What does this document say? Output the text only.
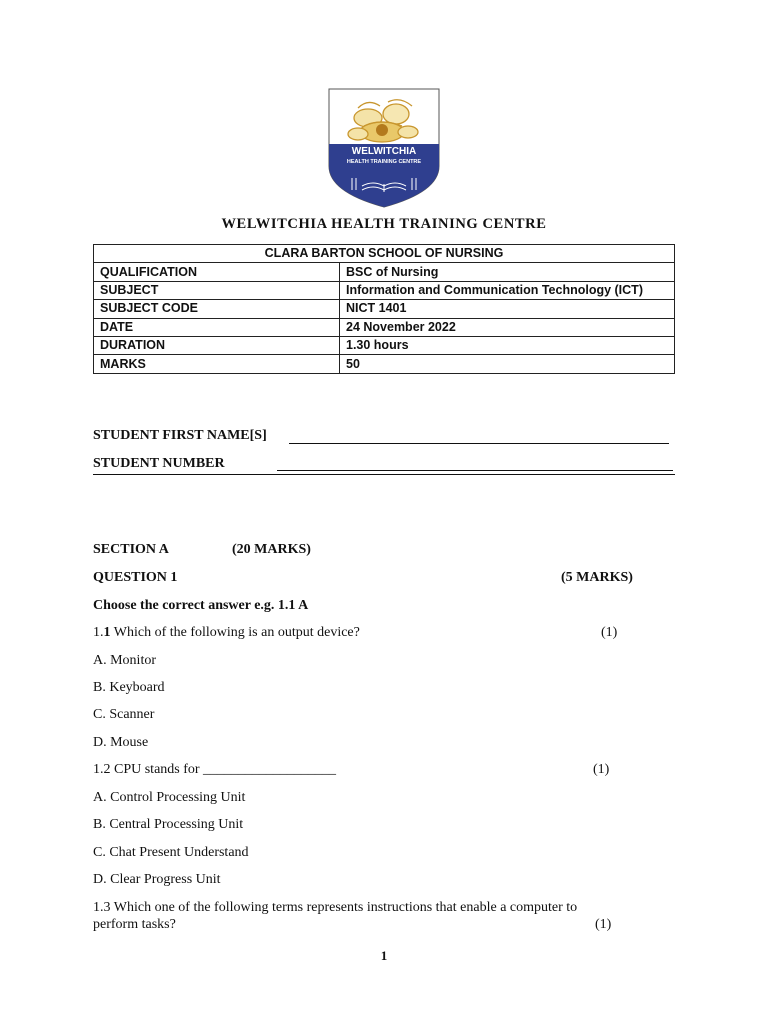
WELWITCHIA
HEALTH TRAINING CENTRE
WELWITCHIA HEALTH TRAINING CENTRE
CLARA BARTON SCHOOL OF NURSING	
QUALIFICATION	BSC of Nursing
SUBJECT	Information and Communication Technology (ICT)
SUBJECT CODE	NICT 1401
DATE	24 November 2022
DURATION	1.30 hours
MARKS	50
STUDENT FIRST NAME[S]
STUDENT NUMBER
SECTION A	(20 MARKS)
QUESTION 1	(5 MARKS)
Choose the correct answer e.g. 1.1 A
1.1 Which of the following is an output device?	(1)
A. Monitor
B. Keyboard
C. Scanner
D. Mouse
1.2 CPU stands for ___________________	(1)
A. Control Processing Unit
B. Central Processing Unit
C. Chat Present Understand
D. Clear Progress Unit
1.3 Which one of the following terms represents instructions that enable a computer to
perform tasks?	(1)
1
